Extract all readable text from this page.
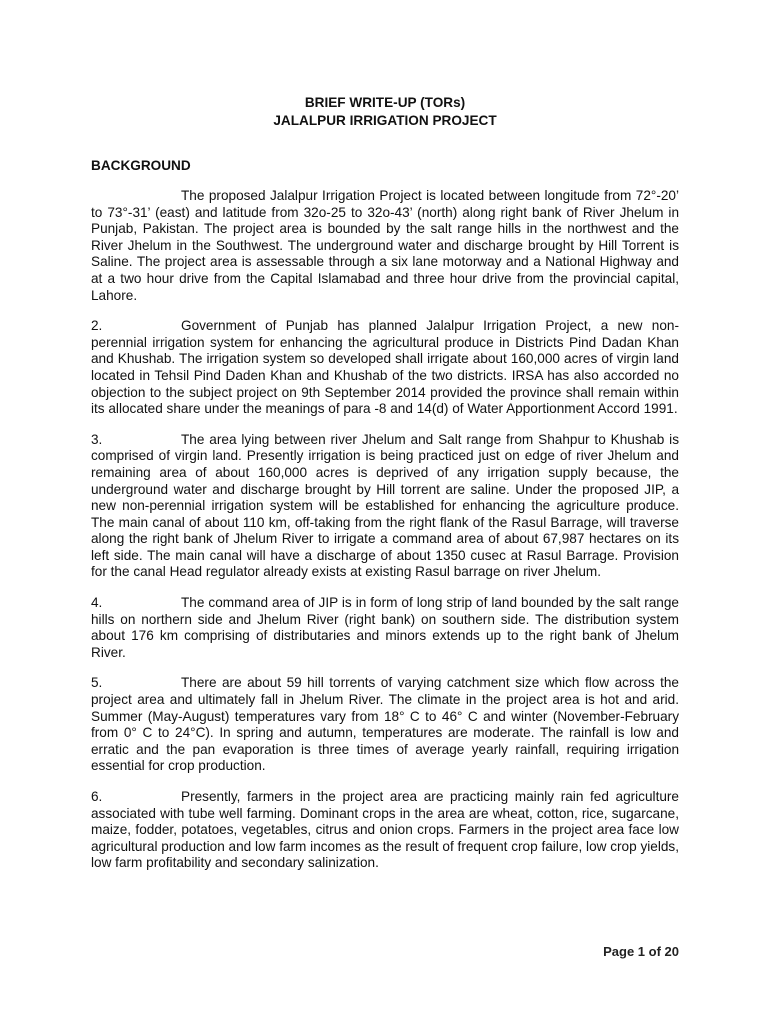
BRIEF WRITE-UP (TORs)
JALALPUR IRRIGATION PROJECT
BACKGROUND
The proposed Jalalpur Irrigation Project is located between longitude from 72°-20’ to 73°-31’ (east) and latitude from 32o-25 to 32o-43’ (north) along right bank of River Jhelum in Punjab, Pakistan. The project area is bounded by the salt range hills in the northwest and the River Jhelum in the Southwest. The underground water and discharge brought by Hill Torrent is Saline. The project area is assessable through a six lane motorway and a National Highway and at a two hour drive from the Capital Islamabad and three hour drive from the provincial capital, Lahore.
2.	Government of Punjab has planned Jalalpur Irrigation Project, a new non-perennial irrigation system for enhancing the agricultural produce in Districts Pind Dadan Khan and Khushab. The irrigation system so developed shall irrigate about 160,000 acres of virgin land located in Tehsil Pind Daden Khan and Khushab of the two districts. IRSA has also accorded no objection to the subject project on 9th September 2014 provided the province shall remain within its allocated share under the meanings of para -8 and 14(d) of Water Apportionment Accord 1991.
3.	The area lying between river Jhelum and Salt range from Shahpur to Khushab is comprised of virgin land. Presently irrigation is being practiced just on edge of river Jhelum and remaining area of about 160,000 acres is deprived of any irrigation supply because, the underground water and discharge brought by Hill torrent are saline. Under the proposed JIP, a new non-perennial irrigation system will be established for enhancing the agriculture produce. The main canal of about 110 km, off-taking from the right flank of the Rasul Barrage, will traverse along the right bank of Jhelum River to irrigate a command area of about 67,987 hectares on its left side. The main canal will have a discharge of about 1350 cusec at Rasul Barrage. Provision for the canal Head regulator already exists at existing Rasul barrage on river Jhelum.
4.	The command area of JIP is in form of long strip of land bounded by the salt range hills on northern side and Jhelum River (right bank) on southern side. The distribution system about 176 km comprising of distributaries and minors extends up to the right bank of Jhelum River.
5.	There are about 59 hill torrents of varying catchment size which flow across the project area and ultimately fall in Jhelum River. The climate in the project area is hot and arid. Summer (May-August) temperatures vary from 18° C to 46° C and winter (November-February from 0° C to 24°C). In spring and autumn, temperatures are moderate. The rainfall is low and erratic and the pan evaporation is three times of average yearly rainfall, requiring irrigation essential for crop production.
6.	Presently, farmers in the project area are practicing mainly rain fed agriculture associated with tube well farming. Dominant crops in the area are wheat, cotton, rice, sugarcane, maize, fodder, potatoes, vegetables, citrus and onion crops. Farmers in the project area face low agricultural production and low farm incomes as the result of frequent crop failure, low crop yields, low farm profitability and secondary salinization.
Page 1 of 20
